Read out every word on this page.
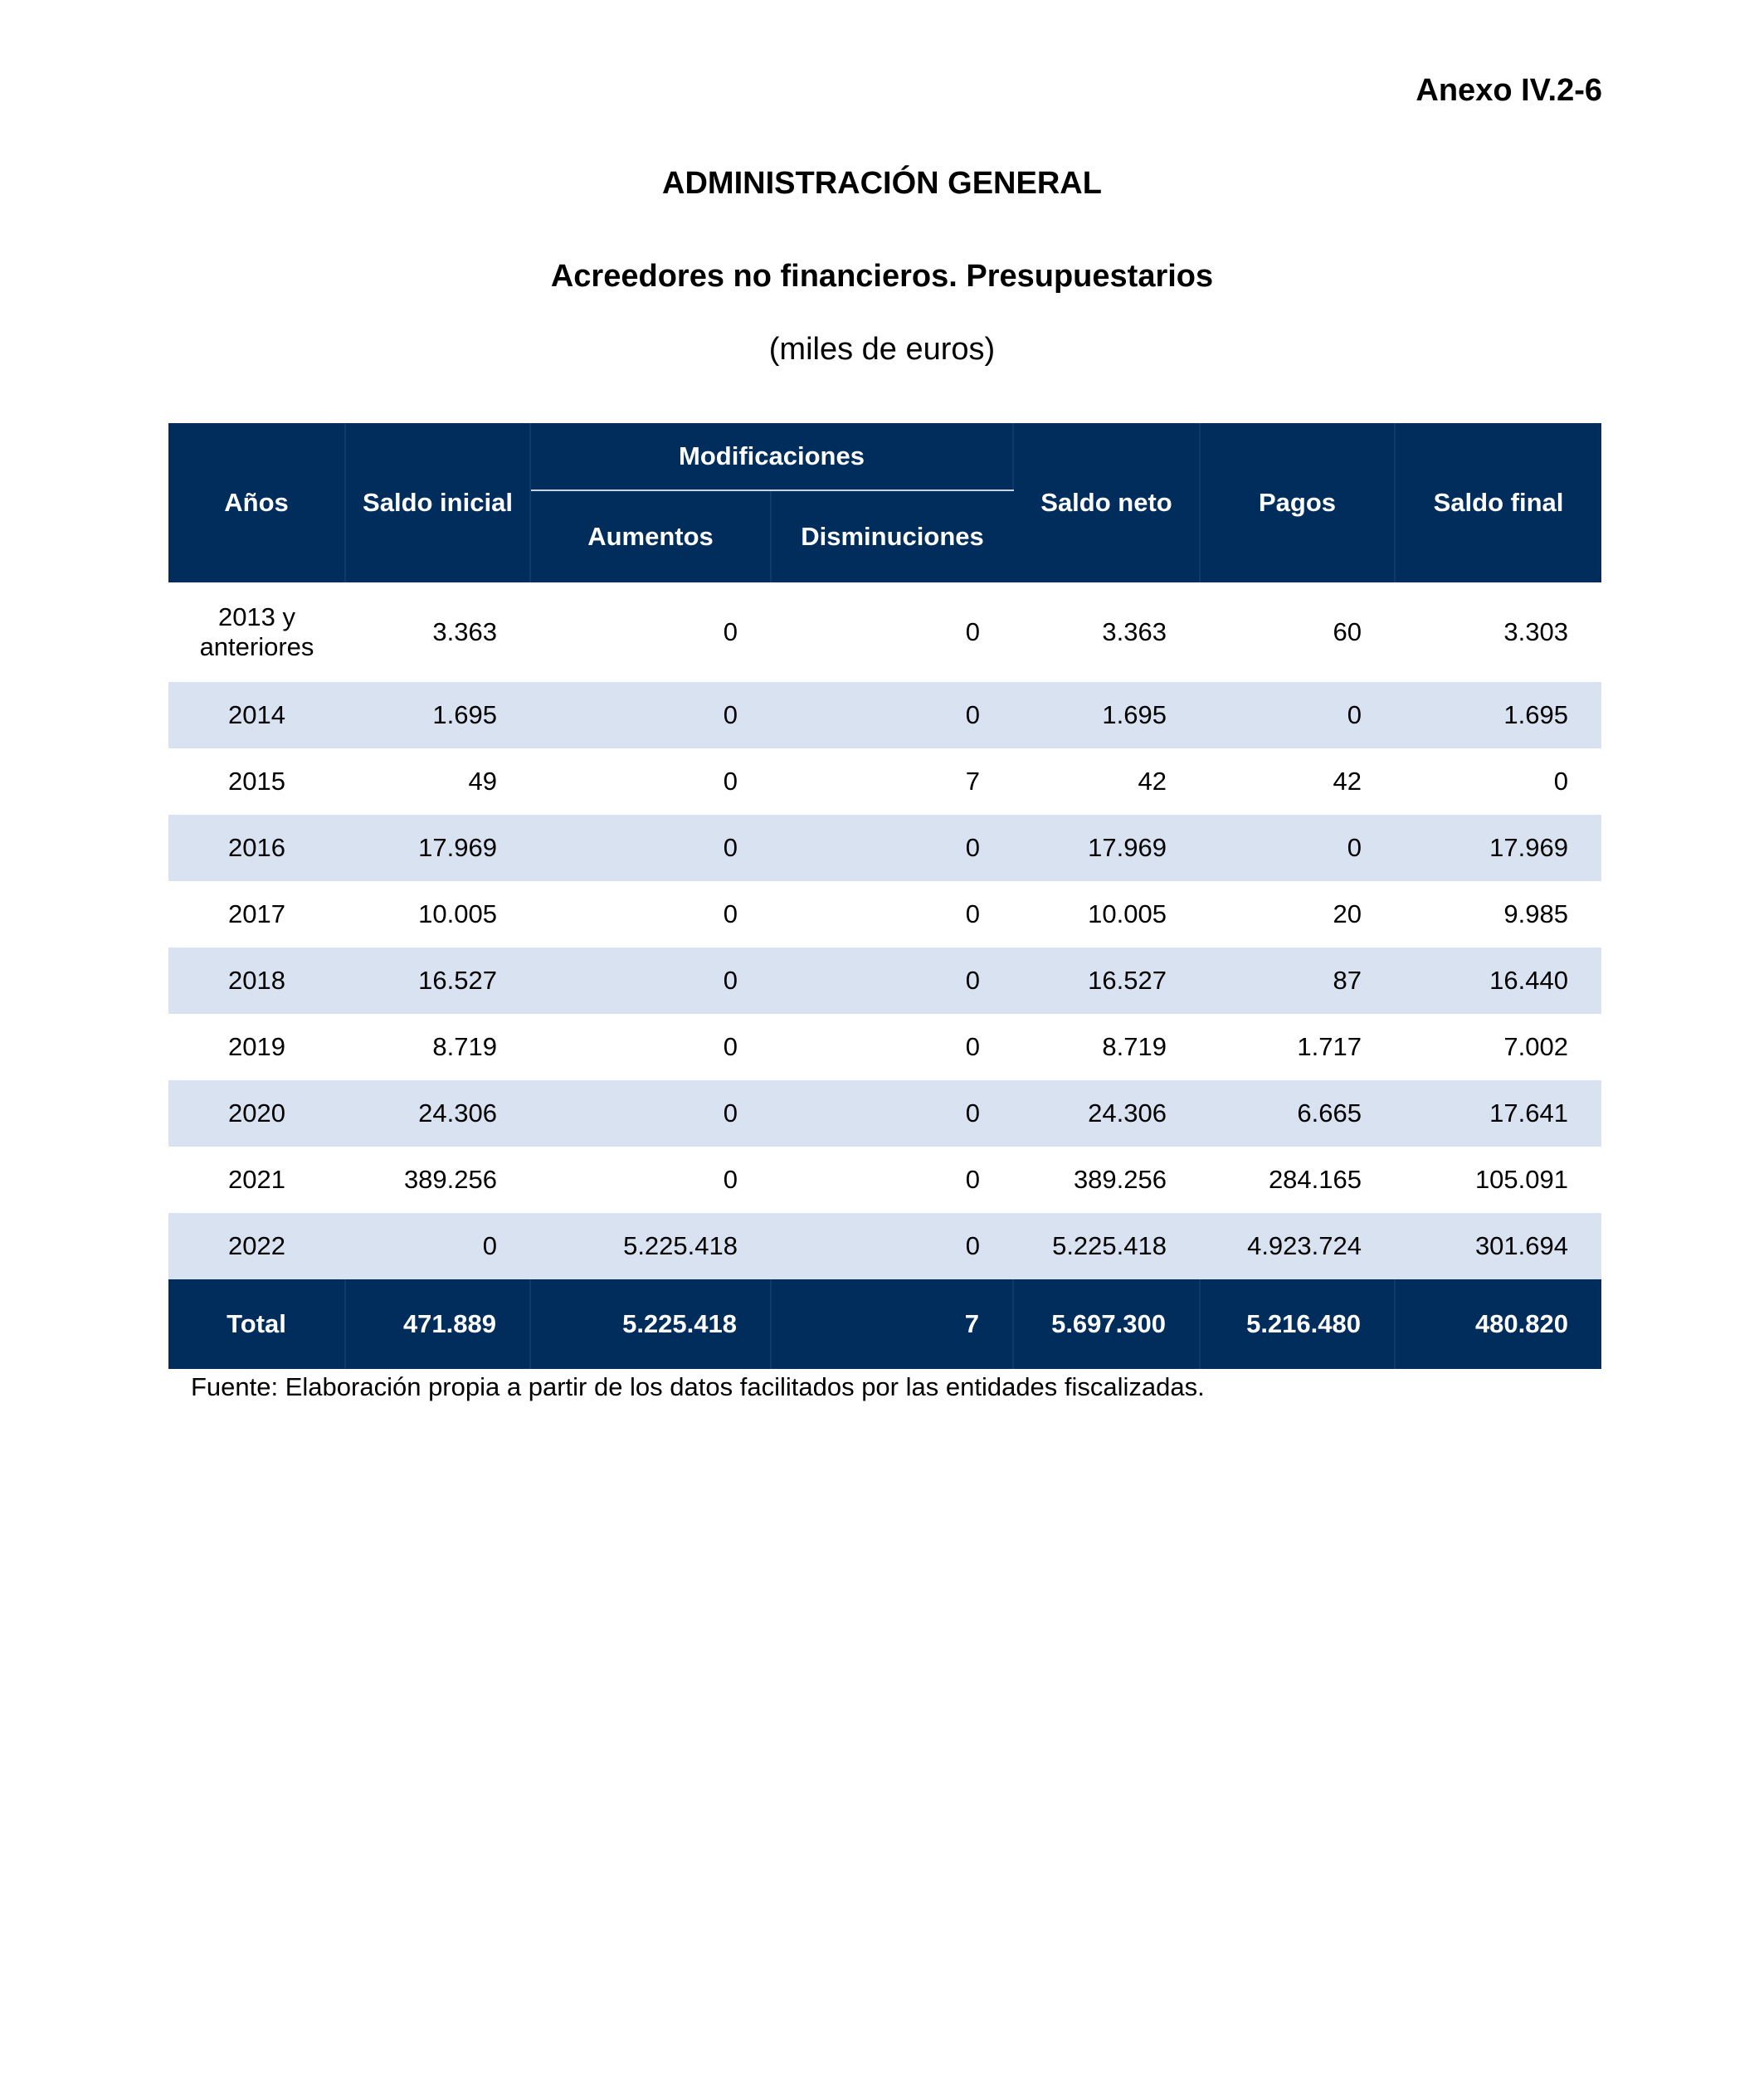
Anexo IV.2-6
ADMINISTRACIÓN GENERAL
Acreedores no financieros. Presupuestarios
(miles de euros)
Años	Saldo inicial	Modificaciones		Saldo neto	Pagos	Saldo final
		Aumentos	Disminuciones			
2013 y
anteriores	3.363	0	0	3.363	60	3.303
2014	1.695	0	0	1.695	0	1.695
2015	49	0	7	42	42	0
2016	17.969	0	0	17.969	0	17.969
2017	10.005	0	0	10.005	20	9.985
2018	16.527	0	0	16.527	87	16.440
2019	8.719	0	0	8.719	1.717	7.002
2020	24.306	0	0	24.306	6.665	17.641
2021	389.256	0	0	389.256	284.165	105.091
2022	0	5.225.418	0	5.225.418	4.923.724	301.694
Total	471.889	5.225.418	7	5.697.300	5.216.480	480.820
Fuente: Elaboración propia a partir de los datos facilitados por las entidades fiscalizadas.
